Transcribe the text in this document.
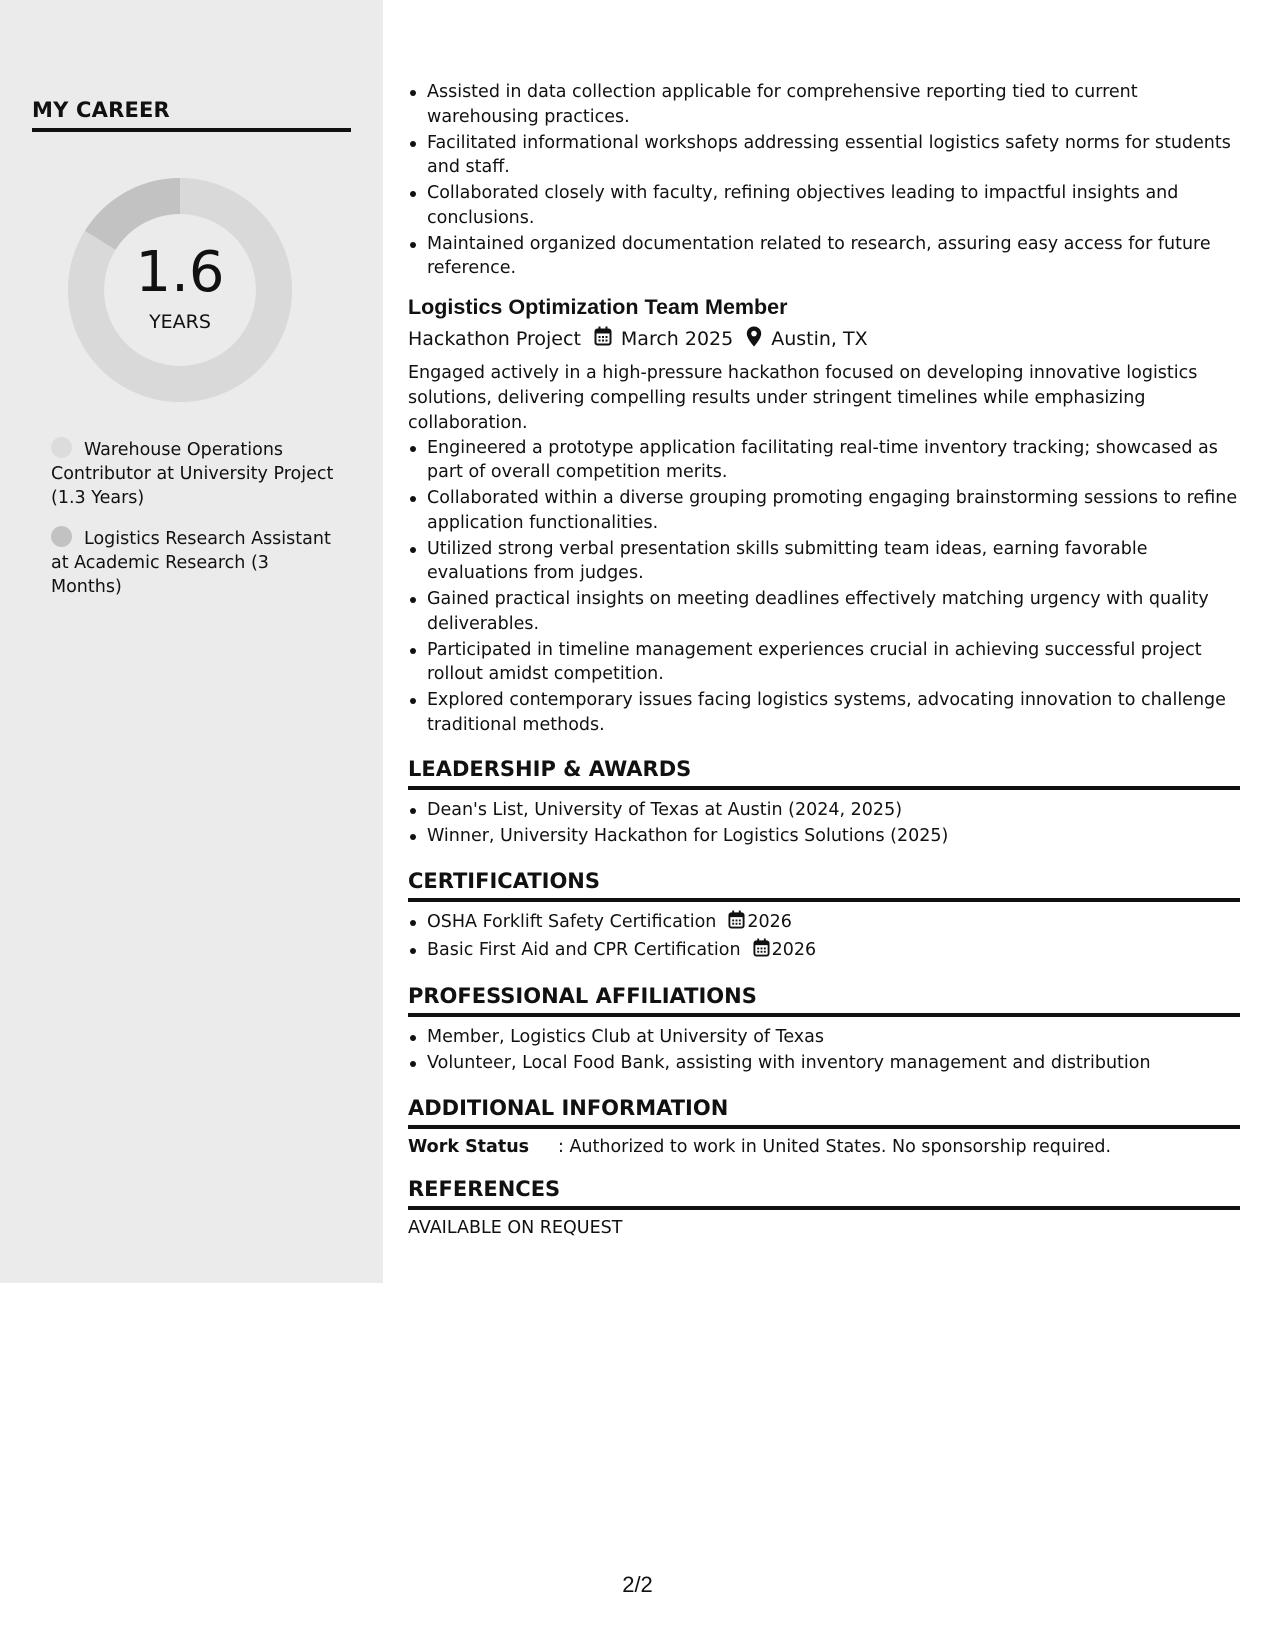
MY CAREER
1.6
YEARS
Warehouse Operations Contributor at University Project (1.3 Years)
Logistics Research Assistant at Academic Research (3 Months)
Assisted in data collection applicable for comprehensive reporting tied to current warehousing practices.
Facilitated informational workshops addressing essential logistics safety norms for students and staff.
Collaborated closely with faculty, refining objectives leading to impactful insights and conclusions.
Maintained organized documentation related to research, assuring easy access for future reference.
Logistics Optimization Team Member
Hackathon Project March 2025 Austin, TX

Engaged actively in a high-pressure hackathon focused on developing innovative logistics solutions, delivering compelling results under stringent timelines while emphasizing collaboration.

Engineered a prototype application facilitating real-time inventory tracking; showcased as part of overall competition merits.
Collaborated within a diverse grouping promoting engaging brainstorming sessions to refine application functionalities.
Utilized strong verbal presentation skills submitting team ideas, earning favorable evaluations from judges.
Gained practical insights on meeting deadlines effectively matching urgency with quality deliverables.
Participated in timeline management experiences crucial in achieving successful project rollout amidst competition.
Explored contemporary issues facing logistics systems, advocating innovation to challenge traditional methods.
LEADERSHIP & AWARDS
Dean's List, University of Texas at Austin (2024, 2025)
Winner, University Hackathon for Logistics Solutions (2025)
CERTIFICATIONS
OSHA Forklift Safety Certification 2026
Basic First Aid and CPR Certification 2026
PROFESSIONAL AFFILIATIONS
Member, Logistics Club at University of Texas
Volunteer, Local Food Bank, assisting with inventory management and distribution
ADDITIONAL INFORMATION
Work Status	: Authorized to work in United States. No sponsorship required.
REFERENCES
AVAILABLE ON REQUEST
2/2
